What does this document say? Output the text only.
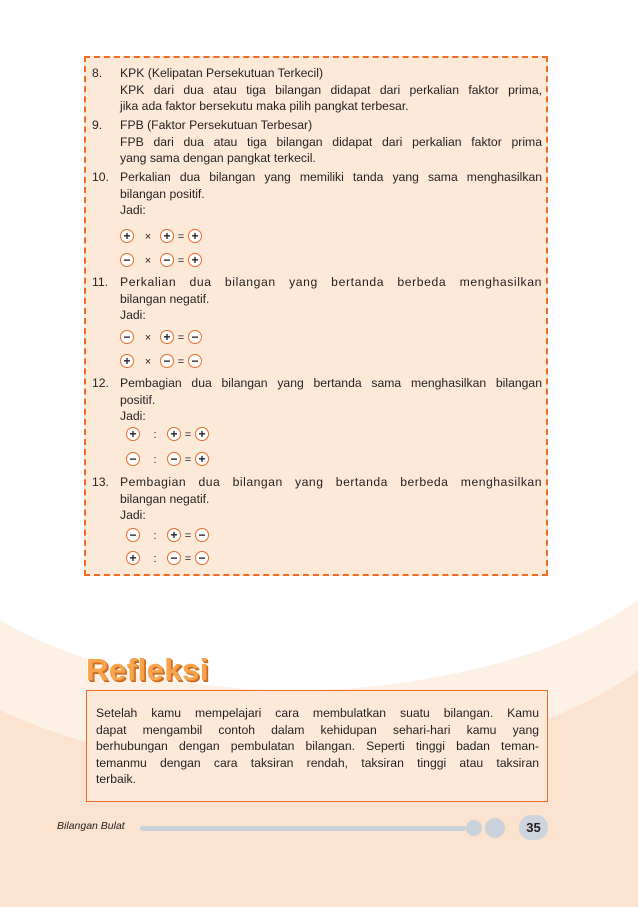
8.	KPK (Kelipatan Persekutuan Terkecil)
KPK dari dua atau tiga bilangan didapat dari perkalian faktor prima,
jika ada faktor bersekutu maka pilih pangkat terbesar.
9.	FPB (Faktor Persekutuan Terbesar)
FPB dari dua atau tiga bilangan didapat dari perkalian faktor prima
yang sama dengan pangkat terkecil.
10. Perkalian dua bilangan yang memiliki tanda yang sama menghasilkan
bilangan positif.
Jadi:
+	× + = +
−	× − = +
11. Perkalian dua bilangan yang bertanda berbeda menghasilkan
bilangan negatif.
Jadi:
−	× + = −
+	× − = −
12. Pembagian dua bilangan yang bertanda sama menghasilkan bilangan
positif.
Jadi:
+	: + = +
−	: − = +
13. Pembagian dua bilangan yang bertanda berbeda menghasilkan
bilangan negatif.
Jadi:
−	: + = −
+	: − = −
Refleksi
Setelah kamu mempelajari cara membulatkan suatu bilangan. Kamu
dapat mengambil contoh dalam kehidupan sehari-hari kamu yang
berhubungan dengan pembulatan bilangan. Seperti tinggi badan teman-
temanmu dengan cara taksiran rendah, taksiran tinggi atau taksiran
terbaik.
Bilangan Bulat	35
